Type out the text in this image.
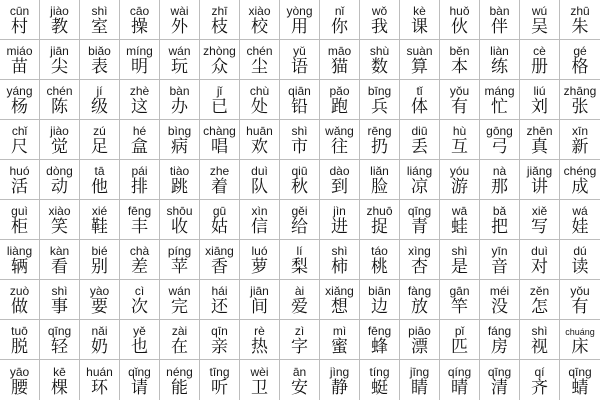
cūn
村
jiào
教
shì
室
cāo
操
wài
外
zhī
枝
xiào
校
yòng
用
nǐ
你
wǒ
我
kè
课
huǒ
伙
bàn
伴
wú
吴
zhū
朱
miáo
苗
jiān
尖
biǎo
表
míng
明
wán
玩
zhòng
众
chén
尘
yǔ
语
māo
猫
shù
数
suàn
算
běn
本
liàn
练
cè
册
gé
格
yáng
杨
chén
陈
jí
级
zhè
这
bàn
办
jǐ
已
chù
处
qiān
铅
pǎo
跑
bīng
兵
tǐ
体
yǒu
有
máng
忙
liú
刘
zhāng
张
chǐ
尺
jiào
觉
zú
足
hé
盒
bìng
病
chàng
唱
huān
欢
shì
市
wǎng
往
rēng
扔
diū
丢
hù
互
gōng
弓
zhēn
真
xīn
新
huó
活
dòng
动
tā
他
pái
排
tiào
跳
zhe
着
duì
队
qiū
秋
dào
到
liǎn
脸
liáng
凉
yóu
游
nà
那
jiǎng
讲
chéng
成
guì
柜
xiào
笑
xié
鞋
fēng
丰
shōu
收
gū
姑
xìn
信
gěi
给
jìn
进
zhuō
捉
qīng
青
wā
蛙
bǎ
把
xiě
写
wá
娃
liàng
辆
kàn
看
bié
别
chà
差
píng
苹
xiāng
香
luó
萝
lí
梨
shì
柿
táo
桃
xìng
杏
shì
是
yīn
音
duì
对
dú
读
zuò
做
shì
事
yào
要
cì
次
wán
完
hái
还
jiān
间
ài
爱
xiǎng
想
biān
边
fàng
放
gān
竿
méi
没
zěn
怎
yǒu
有
tuō
脱
qīng
轻
nǎi
奶
yě
也
zài
在
qīn
亲
rè
热
zì
字
mì
蜜
fēng
蜂
piāo
漂
pǐ
匹
fáng
房
shì
视
chuáng
床
yāo
腰
kē
棵
huán
环
qǐng
请
néng
能
tīng
听
wèi
卫
ān
安
jìng
静
tíng
蜓
jīng
睛
qíng
晴
qīng
清
qí
齐
qīng
蜻
